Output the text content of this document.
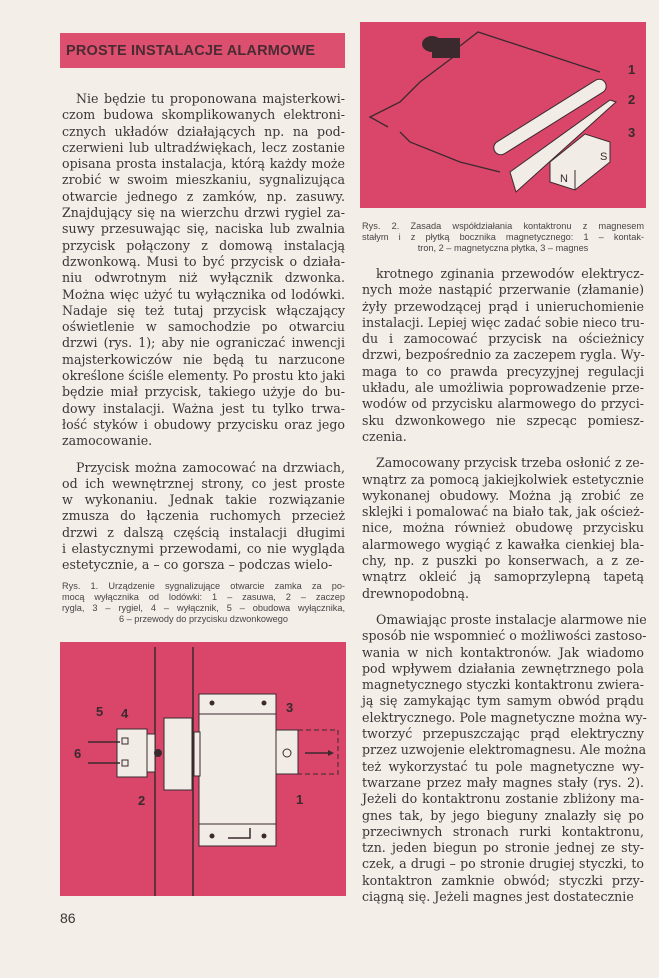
PROSTE INSTALACJE ALARMOWE
Nie będzie tu proponowana majsterkowi-
czom budowa skomplikowanych elektroni-
cznych układów działających np. na pod-
czerwieni lub ultradźwiękach, lecz zostanie
opisana prosta instalacja, którą każdy może
zrobić w swoim mieszkaniu, sygnalizująca
otwarcie jednego z zamków, np. zasuwy.
Znajdujący się na wierzchu drzwi rygiel za-
suwy przesuwając się, naciska lub zwalnia
przycisk połączony z domową instalacją
dzwonkową. Musi to być przycisk o działa-
niu odwrotnym niż wyłącznik dzwonka.
Można więc użyć tu wyłącznika od lodówki.
Nadaje się też tutaj przycisk włączający
oświetlenie w samochodzie po otwarciu
drzwi (rys. 1); aby nie ograniczać inwencji
majsterkowiczów nie będą tu narzucone
określone ściśle elementy. Po prostu kto jaki
będzie miał przycisk, takiego użyje do bu-
dowy instalacji. Ważna jest tu tylko trwa-
łość styków i obudowy przycisku oraz jego
zamocowanie.
Przycisk można zamocować na drzwiach,
od ich wewnętrznej strony, co jest proste
w wykonaniu. Jednak takie rozwiązanie
zmusza do łączenia ruchomych przecież
drzwi z dalszą częścią instalacji długimi
i elastycznymi przewodami, co nie wygląda
estetycznie, a – co gorsza – podczas wielo-
Rys. 1. Urządzenie sygnalizujące otwarcie zamka za po-
mocą wyłącznika od lodówki: 1 – zasuwa, 2 – zaczep
rygla, 3 – rygiel, 4 – wyłącznik, 5 – obudowa wyłącznika,
6 – przewody do przycisku dzwonkowego
1
2
3
4
5
6
86
N
S
1
2
3
Rys. 2. Zasada współdziałania kontaktronu z magnesem
stałym i z płytką bocznika magnetycznego: 1 – kontak-
tron, 2 – magnetyczna płytka, 3 – magnes
krotnego zginania przewodów elektrycz-
nych może nastąpić przerwanie (złamanie)
żyły przewodzącej prąd i unieruchomienie
instalacji. Lepiej więc zadać sobie nieco tru-
du i zamocować przycisk na ościeżnicy
drzwi, bezpośrednio za zaczepem rygla. Wy-
maga to co prawda precyzyjnej regulacji
układu, ale umożliwia poprowadzenie prze-
wodów od przycisku alarmowego do przyci-
sku dzwonkowego nie szpecąc pomiesz-
czenia.
Zamocowany przycisk trzeba osłonić z ze-
wnątrz za pomocą jakiejkolwiek estetycznie
wykonanej obudowy. Można ją zrobić ze
sklejki i pomalować na biało tak, jak oścież-
nice, można również obudowę przycisku
alarmowego wygiąć z kawałka cienkiej bla-
chy, np. z puszki po konserwach, a z ze-
wnątrz okleić ją samoprzylepną tapetą
drewnopodobną.
Omawiając proste instalacje alarmowe nie
sposób nie wspomnieć o możliwości zastoso-
wania w nich kontaktronów. Jak wiadomo
pod wpływem działania zewnętrznego pola
magnetycznego styczki kontaktronu zwiera-
ją się zamykając tym samym obwód prądu
elektrycznego. Pole magnetyczne można wy-
tworzyć przepuszczając prąd elektryczny
przez uzwojenie elektromagnesu. Ale można
też wykorzystać tu pole magnetyczne wy-
twarzane przez mały magnes stały (rys. 2).
Jeżeli do kontaktronu zostanie zbliżony ma-
gnes tak, by jego bieguny znalazły się po
przeciwnych stronach rurki kontaktronu,
tzn. jeden biegun po stronie jednej ze sty-
czek, a drugi – po stronie drugiej styczki, to
kontaktron zamknie obwód; styczki przy-
ciągną się. Jeżeli magnes jest dostatecznie
